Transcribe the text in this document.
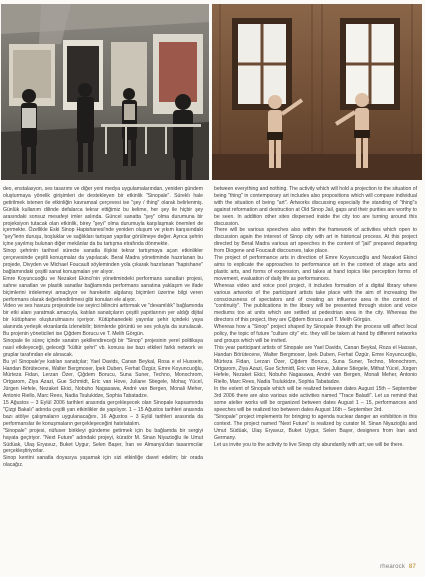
deo, enstalasyon, ses tasarımı ve diğer yeni medya uygulamalarından, yeniden gündem oluşturmaya yönelik girişimleri de destekleyen bir etkinlik "Sinopale". Süreklı hale getirilmek istenen ile etkinliğin kavramsal çerçevesi ise "şey / thing" olarak belirlenmiş. Günlük kullanım dilinde defalarca tekrar ettiğimiz bu kelime, her şey ile hiçbir şey arasındaki sonsuz mesafeyi imler aslında. Güncel sanatta "şey" olma durumuna bir projeksiyon tutacak olan etkinlik, birey "şeyi" olma durumuyla karşılaşmak önemleri de içermekte. Özellikle Eski Sinop Hapishanesi'nde yeniden oluşum ve yıkım karşısındaki "şey"lerin duruşu, boşluklar ve sağlıkları tartışan yapıtlar görülmeye değer. Ayrıca şehrin içine yayılmış bulunan diğer mekânlar da bu tartışma etrafında dönmekte.

Sinop şehrinin tarihsel sürecte sanatla ilişkisi tekrar tartışmaya açan etkinlikler çerçevesinde çeşitli konuşmalar da yapılacak. Beral Madra yönetiminde hazırlanan bu projede, Divyden ve Michael Foucault söyleminden yola çıkarak hazırlanan "hapishane" bağlamındaki çeşitli sanat konuşmaları yer alıyor.

Emre Koyuncuoğlu ve Nezaket Ekinci'nin yönetimindeki performans sanatları projesi, sahne sanatları ve plastik sanatlar bağlamında performans sanatına yaklaşım ve ifade biçimlerini irdelemeyi amaçlıyor ve hareketin algılanış biçimleri üzerine bilgi veren performans olarak değerlendirilmesi gibi konuları ele alıyor.

Video ve ses havuzu projesinde ise seyirci bilincini arttırmak ve "devamlılık" bağlamında bir etki alanı yaratmak amacıyla, katılan sanatçıların çeşitli yapıtlarının yer aldığı dijital bir kütüphane oluşturulmasını içeriyor. Kütüphanedeki yayınlar şehir içindeki yaya alanında yerleşik ekranlarda izlenebilir; birimlerde görüntü ve ses yoluyla da sunulacak. Bu projenin yöneticileri ise Çiğdem Borucu ve T. Melih Görgün.

Sinopale ile süreç içinde sanatın şekillendireceği bir "Sinop" projesinin yerel politikaya nasıl etkileyeceği, geleceği "kültür şehri" vb. konusu ise bazı etkileri farklı network ve gruplar tarafından ele alınacak.

Bu yıl Sinopale'ye katılan sanatçılar; Yael Davids, Canan Beykal, Rosa e el Hussein, Handan Börütecene, Walter Bergmoser, İpek Duben, Ferhat Özgür, Emre Koyuncuoğlu, Mürteza Fidan, Lerzan Özer, Çiğdem Borucu, Suna Suner, Techno, Monochrom, Ortgarom, Ziya Azazi, Gue Schmidt, Eric van Hove, Juliane Stiegele, Mohaç Yücel, Jürgen Hefele, Nezaket Ekici, Nobuho Nagasawa, André van Bergen, Monali Meher, Antonio Riello, Marc Rees, Nadia Tsulukidze, Sophia Tabatadze.

15 Ağustos – 3 Eylül 2006 tarihleri arasında gerçekleşecek olan Sinopale kapsamında "Çizgi Bakalı" adında çeşitli yan etkinlikler de yapılıyor. 1 – 15 Ağustos tarihleri arasında bazı atölye çalışmaların uygulanacağını, 16 Ağustos – 3 Eylül tarihleri arasında da performanslar ile konuşmaların gerçekleşeceğini hatırlatalım.

"Sinopale" projesi, nüfuser birikleyi gündeme getirmek için bu bağlamda bir sergiyi hayata geçiriyor. "Next Future" adındaki projeyi, küratör M. Sinan Niyazioğlu ile Umut Südüak, Ulaş Eryavuz, Buket Uygur, Selen Başer, İran ve Almanya'dan tasarımcılar gerçekleştiriyorlar.

Sinop kentini sanatla doyasıya yaşamak için sizi etkinliğe davet edelim; bir orada olacağız.

between everything and nothing. The activity which will hold a projection to the situation of being "thing" in contemporary art includes also propositions which will compare individual with the situation of being "art". Artworks discussing especially the standing of "thing"s against reformation and destruction at Old Sinop Jail, gaps and their purities are worthy to be seen. In addition other sites dispersed inside the city too are turning around this discussion.

There will be various speeches also within the framework of activities which open to discussion again the interest of Sinop city with art in historical process. At this project directed by Beral Madra various art speeches in the content of "jail" prepared departing from Diogene and Foucault discourses, take place.

The project of performance arts in direction of Emre Koyuncuoğlu and Nezaket Ekinci aims to explicate the approaches to performance art in the context of stage arts and plastic arts, and forms of expression, and takes at hand topics like perception forms of movement, evaluation of daily life as performances.

Whereas video and voice pool project, it includes formation of a digital library where various artworks of the participant artists take place with the aim of increasing the consciousness of spectators and of creating an influence area in the context of "continuity". The publications in the library will be presented through vision and voice mediums too at units which are settled at pedestrian area in the city. Whereas the directors of this project, they are Çiğdem Borucu and T. Melih Görgün.

Whereas how a "Sinop" project shaped by Sinopale through the process will affect local policy, the topic of future "culture city" etc. they will be taken at hand by different networks and groups which will be invited.

This year participant artists of Sinopale are Yael Davids, Canan Beykal, Roza el Hassan, Handan Börütecene, Walter Bergmoser, İpek Duben, Ferhat Özgür, Emre Koyuncuoğlu, Mürteza Fidan, Lerzan Özer, Çiğdem Borucu, Suna Suner, Techno, Monochrom, Ortgarom, Ziya Azazi, Gue Schmidt, Eric van Hove, Juliane Stiegele, Mithat Yücel, Jürgen Hefele, Nezaket Ekici, Nobuho Nagasawa, André van Bergen, Monali Meher, Antonio Riello, Marc Rees, Nadia Tsulukidze, Sophia Tabatadze.

In the extent of Sinopale which will be realized between dates August 15th – September 3rd 2006 there are also various side activities named "Trace Baladi". Let us remind that some atelier works will be organized between dates August 1 – 15, performances and speeches will be realized too between dates August 16th – September 3rd.

"Sinopale" project implements for bringing to agenda nuclear danger an exhibition in this context. The project named "Next Future" is realized by curator M. Sinan Niyazioğlu and Umut Südüak, Ulaş Eryavuz, Buket Uygur, Selen Başer, designers from Iran and Germany.

Let us invite you to the activity to live Sinop city abundantly with art; we will be there.

rhearock 87
